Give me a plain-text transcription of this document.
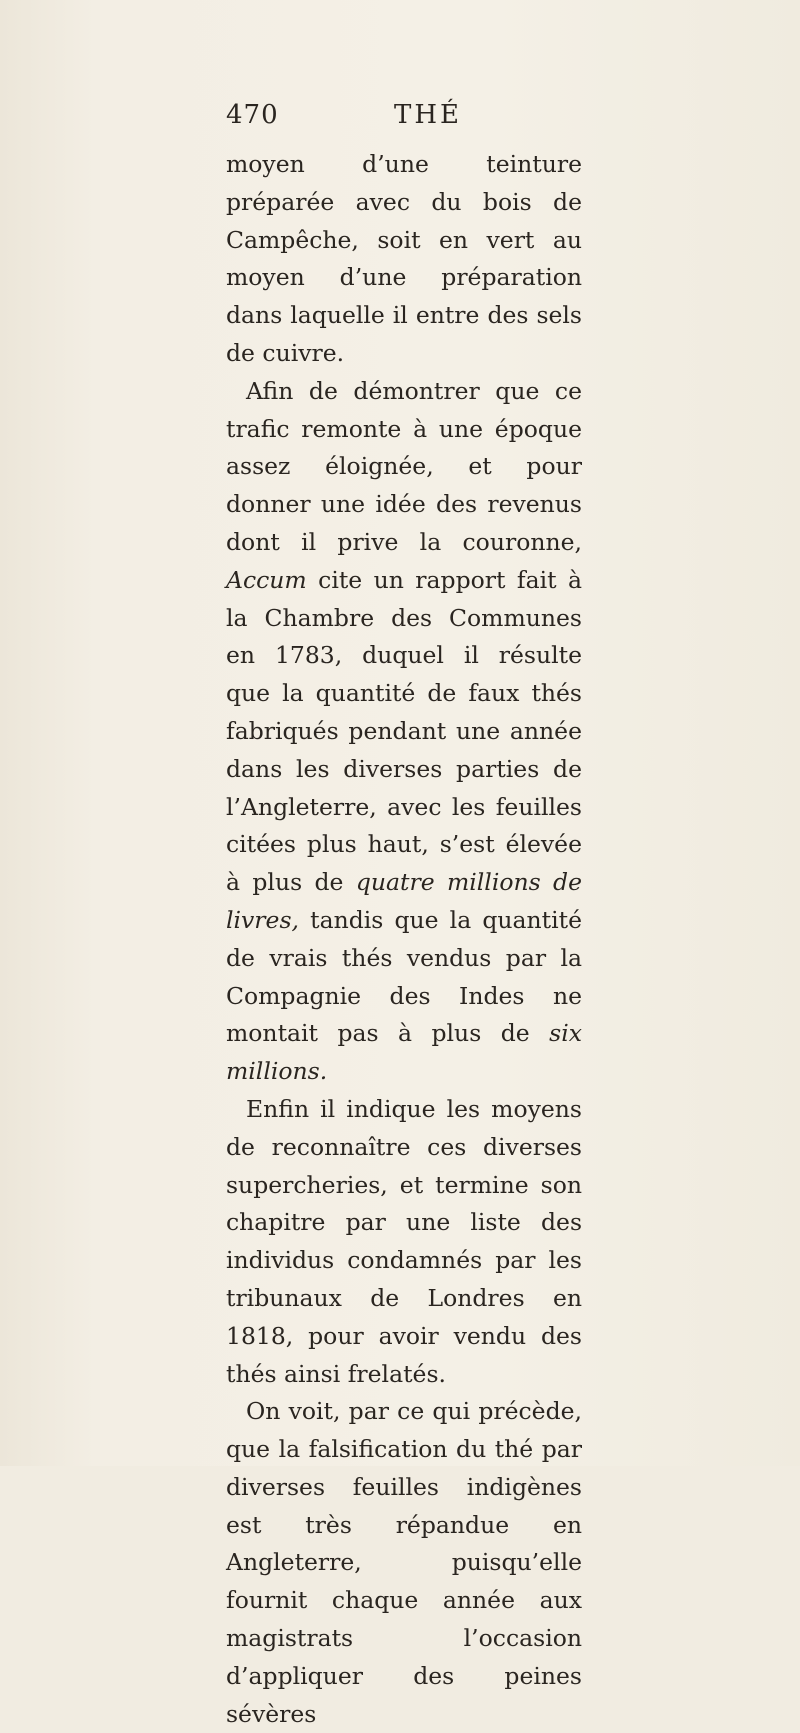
470	THÉ

moyen d’une teinture préparée avec du bois de Campêche, soit en vert au moyen d’une préparation dans laquelle il entre des sels de cuivre.

Afin de démontrer que ce trafic remonte à une époque assez éloignée, et pour donner une idée des revenus dont il prive la couronne, Accum cite un rapport fait à la Chambre des Communes en 1783, duquel il résulte que la quantité de faux thés fabriqués pendant une année dans les diverses parties de l’Angleterre, avec les feuilles citées plus haut, s’est élevée à plus de quatre millions de livres, tandis que la quantité de vrais thés vendus par la Compagnie des Indes ne montait pas à plus de six millions.

Enfin il indique les moyens de reconnaître ces diverses supercheries, et termine son chapitre par une liste des individus condamnés par les tribunaux de Londres en 1818, pour avoir vendu des thés ainsi frelatés.

On voit, par ce qui précède, que la falsification du thé par diverses feuilles indigènes est très répandue en Angleterre, puisqu’elle fournit chaque année aux magistrats l’occasion d’appliquer des peines sévères
